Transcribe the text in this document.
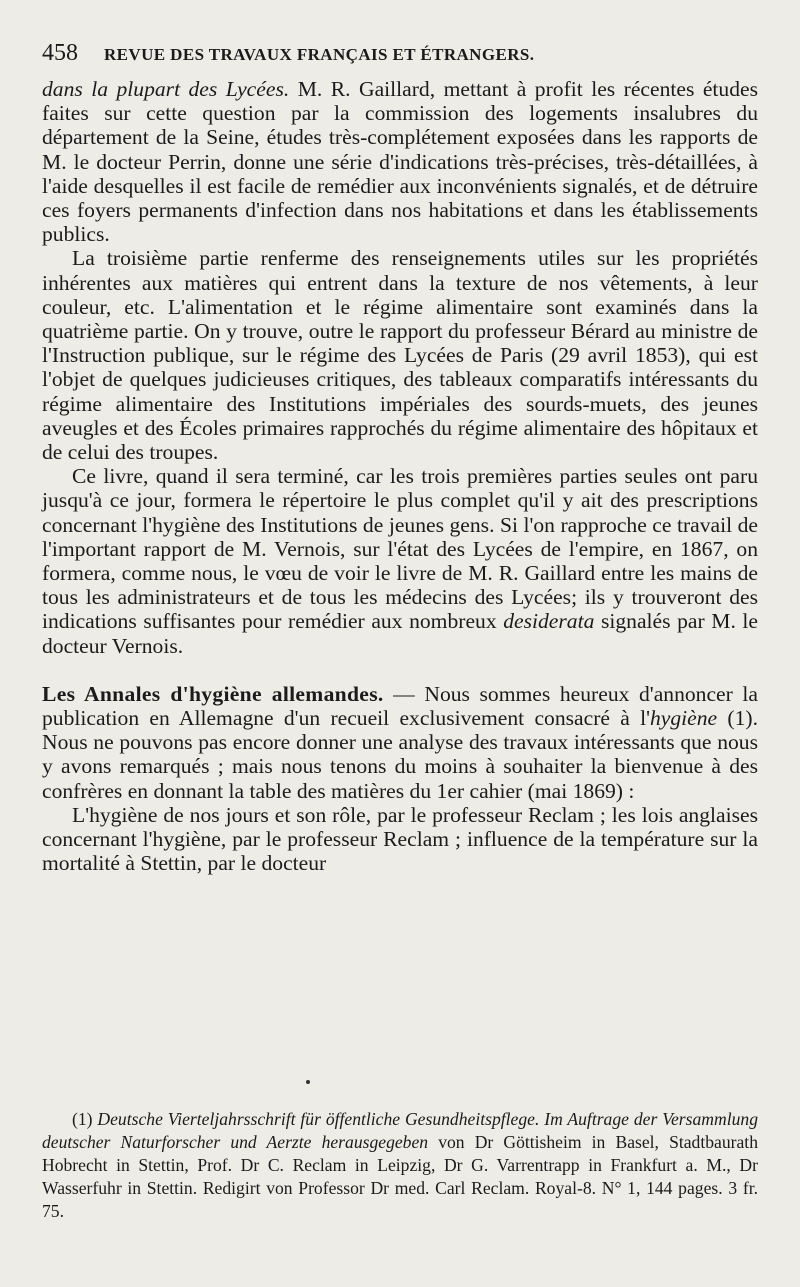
458 REVUE DES TRAVAUX FRANÇAIS ET ÉTRANGERS.

dans la plupart des Lycées. M. R. Gaillard, mettant à profit les récentes études faites sur cette question par la commission des logements insalubres du département de la Seine, études très-complétement exposées dans les rapports de M. le docteur Perrin, donne une série d'indications très-précises, très-détaillées, à l'aide desquelles il est facile de remédier aux inconvénients signalés, et de détruire ces foyers permanents d'infection dans nos habitations et dans les établissements publics.

La troisième partie renferme des renseignements utiles sur les propriétés inhérentes aux matières qui entrent dans la texture de nos vêtements, à leur couleur, etc. L'alimentation et le régime alimentaire sont examinés dans la quatrième partie. On y trouve, outre le rapport du professeur Bérard au ministre de l'Instruction publique, sur le régime des Lycées de Paris (29 avril 1853), qui est l'objet de quelques judicieuses critiques, des tableaux comparatifs intéressants du régime alimentaire des Institutions impériales des sourds-muets, des jeunes aveugles et des Écoles primaires rapprochés du régime alimentaire des hôpitaux et de celui des troupes.

Ce livre, quand il sera terminé, car les trois premières parties seules ont paru jusqu'à ce jour, formera le répertoire le plus complet qu'il y ait des prescriptions concernant l'hygiène des Institutions de jeunes gens. Si l'on rapproche ce travail de l'important rapport de M. Vernois, sur l'état des Lycées de l'empire, en 1867, on formera, comme nous, le vœu de voir le livre de M. R. Gaillard entre les mains de tous les administrateurs et de tous les médecins des Lycées; ils y trouveront des indications suffisantes pour remédier aux nombreux desiderata signalés par M. le docteur Vernois.

Les Annales d'hygiène allemandes. — Nous sommes heureux d'annoncer la publication en Allemagne d'un recueil exclusivement consacré à l'hygiène (1). Nous ne pouvons pas encore donner une analyse des travaux intéressants que nous y avons remarqués ; mais nous tenons du moins à souhaiter la bienvenue à des confrères en donnant la table des matières du 1er cahier (mai 1869) :

L'hygiène de nos jours et son rôle, par le professeur Reclam ; les lois anglaises concernant l'hygiène, par le professeur Reclam ; influence de la température sur la mortalité à Stettin, par le docteur

(1) Deutsche Vierteljahrsschrift für öffentliche Gesundheitspflege. Im Auftrage der Versammlung deutscher Naturforscher und Aerzte herausgegeben von Dr Göttisheim in Basel, Stadtbaurath Hobrecht in Stettin, Prof. Dr C. Reclam in Leipzig, Dr G. Varrentrapp in Frankfurt a. M., Dr Wasserfuhr in Stettin. Redigirt von Professor Dr med. Carl Reclam. Royal-8. N° 1, 144 pages. 3 fr. 75.
